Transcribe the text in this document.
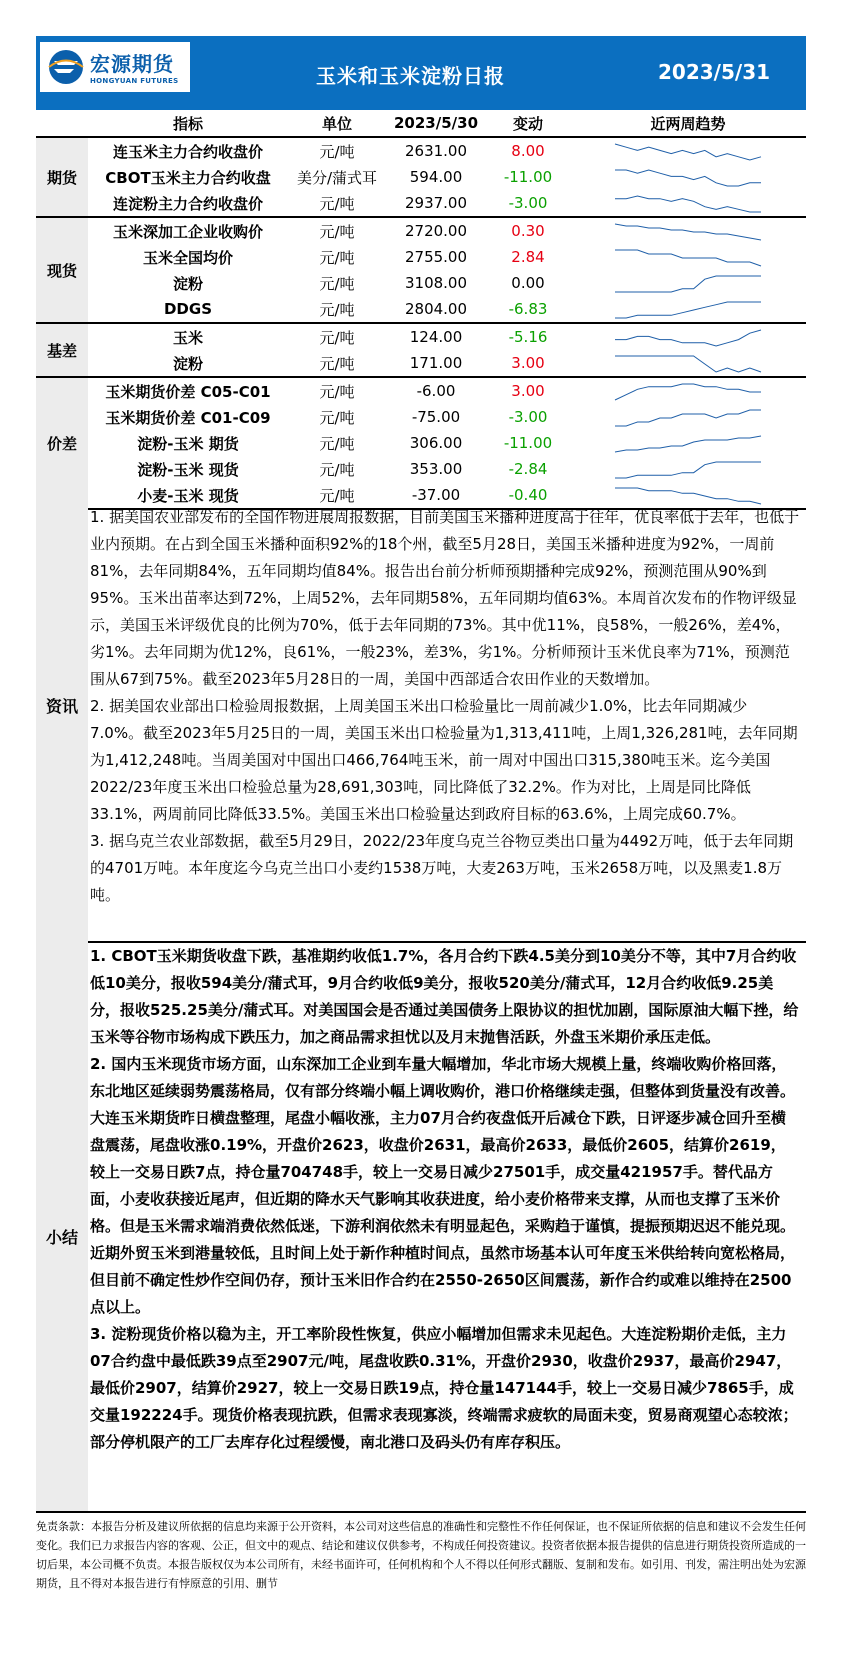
宏源期货
HONGYUAN FUTURES	玉米和玉米淀粉日报	2023/5/31
	指标	单位	2023/5/30	变动	近两周趋势
期货	连玉米主力合约收盘价	元/吨	2631.00	8.00	

	CBOT玉米主力合约收盘	美分/蒲式耳	594.00	-11.00	

	连淀粉主力合约收盘价	元/吨	2937.00	-3.00	

现货	玉米深加工企业收购价	元/吨	2720.00	0.30	

	玉米全国均价	元/吨	2755.00	2.84	

	淀粉	元/吨	3108.00	0.00	

	DDGS	元/吨	2804.00	-6.83	

基差	玉米	元/吨	124.00	-5.16	

	淀粉	元/吨	171.00	3.00	

价差	玉米期货价差 C05-C01	元/吨	-6.00	3.00	

	玉米期货价差 C01-C09	元/吨	-75.00	-3.00	

	淀粉-玉米 期货	元/吨	306.00	-11.00	

	淀粉-玉米 现货	元/吨	353.00	-2.84	

	小麦-玉米 现货	元/吨	-37.00	-0.40	
资讯

1. 据美国农业部发布的全国作物进展周报数据，目前美国玉米播种进度高于往年，优良率低于去年，也低于业内预期。在占到全国玉米播种面积92%的18个州，截至5月28日，美国玉米播种进度为92%，一周前81%，去年同期84%，五年同期均值84%。报告出台前分析师预期播种完成92%，预测范围从90%到95%。玉米出苗率达到72%，上周52%，去年同期58%，五年同期均值63%。本周首次发布的作物评级显示，美国玉米评级优良的比例为70%，低于去年同期的73%。其中优11%，良58%，一般26%，差4%，劣1%。去年同期为优12%，良61%，一般23%，差3%，劣1%。分析师预计玉米优良率为71%，预测范围从67到75%。截至2023年5月28日的一周，美国中西部适合农田作业的天数增加。

2. 据美国农业部出口检验周报数据，上周美国玉米出口检验量比一周前减少1.0%，比去年同期减少7.0%。截至2023年5月25日的一周，美国玉米出口检验量为1,313,411吨，上周1,326,281吨，去年同期为1,412,248吨。当周美国对中国出口466,764吨玉米，前一周对中国出口315,380吨玉米。迄今美国2022/23年度玉米出口检验总量为28,691,303吨，同比降低了32.2%。作为对比，上周是同比降低33.1%，两周前同比降低33.5%。美国玉米出口检验量达到政府目标的63.6%，上周完成60.7%。

3. 据乌克兰农业部数据，截至5月29日，2022/23年度乌克兰谷物豆类出口量为4492万吨，低于去年同期的4701万吨。本年度迄今乌克兰出口小麦约1538万吨，大麦263万吨，玉米2658万吨，以及黑麦1.8万吨。

小结

1. CBOT玉米期货收盘下跌，基准期约收低1.7%，各月合约下跌4.5美分到10美分不等，其中7月合约收低10美分，报收594美分/蒲式耳，9月合约收低9美分，报收520美分/蒲式耳，12月合约收低9.25美分，报收525.25美分/蒲式耳。对美国国会是否通过美国债务上限协议的担忧加剧，国际原油大幅下挫，给玉米等谷物市场构成下跌压力，加之商品需求担忧以及月末抛售活跃，外盘玉米期价承压走低。

2. 国内玉米现货市场方面，山东深加工企业到车量大幅增加，华北市场大规模上量，终端收购价格回落，东北地区延续弱势震荡格局，仅有部分终端小幅上调收购价，港口价格继续走强，但整体到货量没有改善。大连玉米期货昨日横盘整理，尾盘小幅收涨，主力07月合约夜盘低开后减仓下跌，日评逐步减仓回升至横盘震荡，尾盘收涨0.19%，开盘价2623，收盘价2631，最高价2633，最低价2605，结算价2619，较上一交易日跌7点，持仓量704748手，较上一交易日减少27501手，成交量421957手。替代品方面，小麦收获接近尾声，但近期的降水天气影响其收获进度，给小麦价格带来支撑，从而也支撑了玉米价格。但是玉米需求端消费依然低迷，下游利润依然未有明显起色，采购趋于谨慎，提振预期迟迟不能兑现。近期外贸玉米到港量较低，且时间上处于新作种植时间点，虽然市场基本认可年度玉米供给转向宽松格局，但目前不确定性炒作空间仍存，预计玉米旧作合约在2550-2650区间震荡，新作合约或难以维持在2500点以上。

3. 淀粉现货价格以稳为主，开工率阶段性恢复，供应小幅增加但需求未见起色。大连淀粉期价走低，主力07合约盘中最低跌39点至2907元/吨，尾盘收跌0.31%，开盘价2930，收盘价2937，最高价2947，最低价2907，结算价2927，较上一交易日跌19点，持仓量147144手，较上一交易日减少7865手，成交量192224手。现货价格表现抗跌，但需求表现寡淡，终端需求疲软的局面未变，贸易商观望心态较浓；部分停机限产的工厂去库存化过程缓慢，南北港口及码头仍有库存积压。

免责条款：本报告分析及建议所依据的信息均来源于公开资料，本公司对这些信息的准确性和完整性不作任何保证，也不保证所依据的信息和建议不会发生任何变化。我们已力求报告内容的客观、公正，但文中的观点、结论和建议仅供参考，不构成任何投资建议。投资者依据本报告提供的信息进行期货投资所造成的一切后果，本公司概不负责。本报告版权仅为本公司所有，未经书面许可，任何机构和个人不得以任何形式翻版、复制和发布。如引用、刊发，需注明出处为宏源期货，且不得对本报告进行有悖原意的引用、删节
